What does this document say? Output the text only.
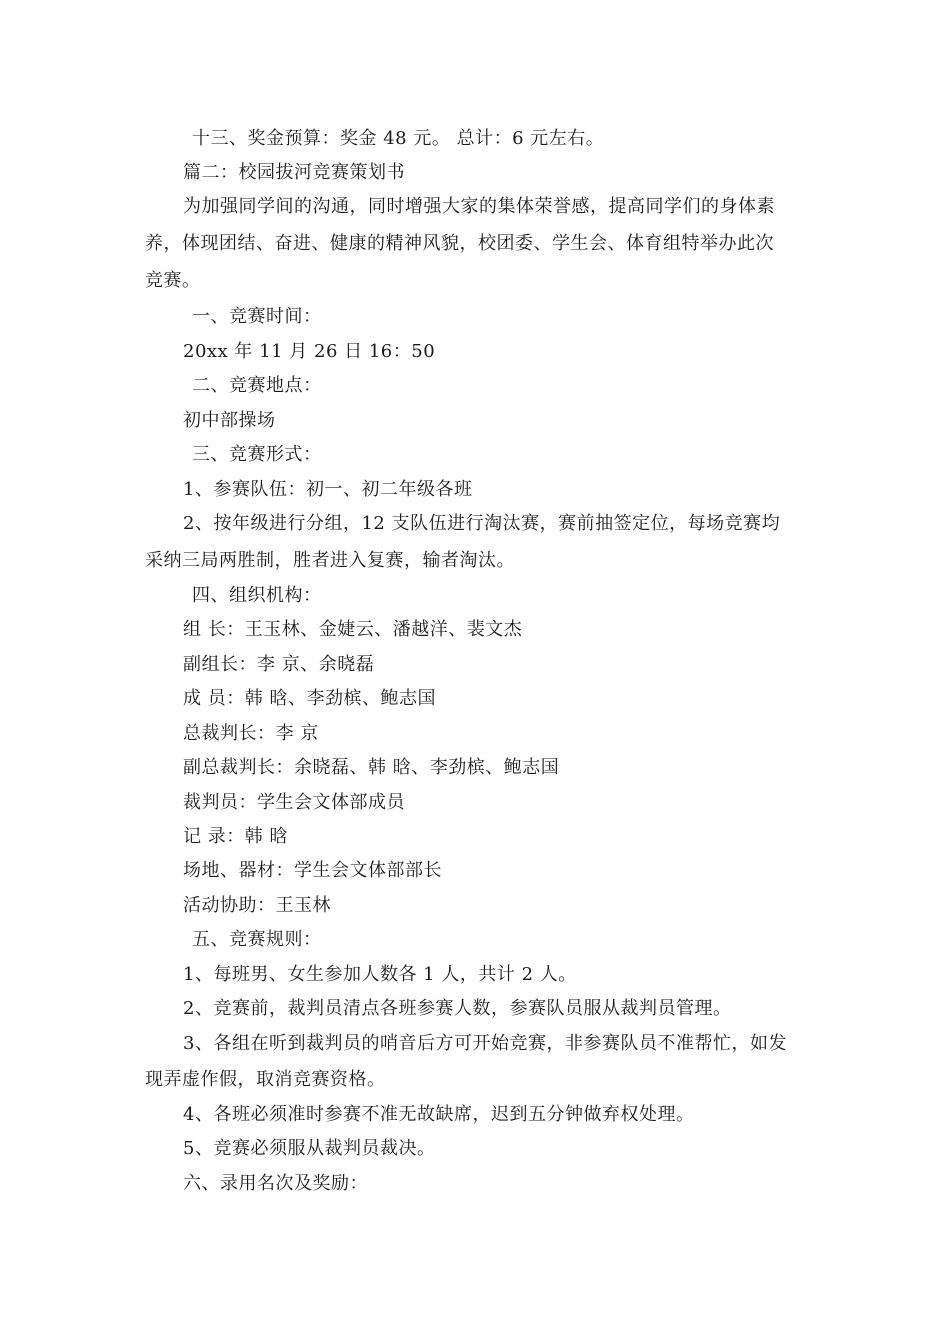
十三、奖金预算：奖金 48 元。 总计：6 元左右。
篇二：校园拔河竞赛策划书
为加强同学间的沟通，同时增强大家的集体荣誉感，提高同学们的身体素
养，体现团结、奋进、健康的精神风貌，校团委、学生会、体育组特举办此次
竞赛。
一、竞赛时间：
20xx 年 11 月 26 日 16：50
二、竞赛地点：
初中部操场
三、竞赛形式：
1、参赛队伍：初一、初二年级各班
2、按年级进行分组，12 支队伍进行淘汰赛，赛前抽签定位，每场竞赛均
采纳三局两胜制，胜者进入复赛，输者淘汰。
四、组织机构：
组 长：王玉林、金婕云、潘越洋、裴文杰
副组长：李 京、余晓磊
成 员：韩 晗、李劲槟、鲍志国
总裁判长：李 京
副总裁判长：余晓磊、韩 晗、李劲槟、鲍志国
裁判员：学生会文体部成员
记 录：韩 晗
场地、器材：学生会文体部部长
活动协助：王玉林
五、竞赛规则：
1、每班男、女生参加人数各 1 人，共计 2 人。
2、竞赛前，裁判员清点各班参赛人数，参赛队员服从裁判员管理。
3、各组在听到裁判员的哨音后方可开始竞赛，非参赛队员不准帮忙，如发
现弄虚作假，取消竞赛资格。
4、各班必须准时参赛不准无故缺席，迟到五分钟做弃权处理。
5、竞赛必须服从裁判员裁决。
六、录用名次及奖励：
